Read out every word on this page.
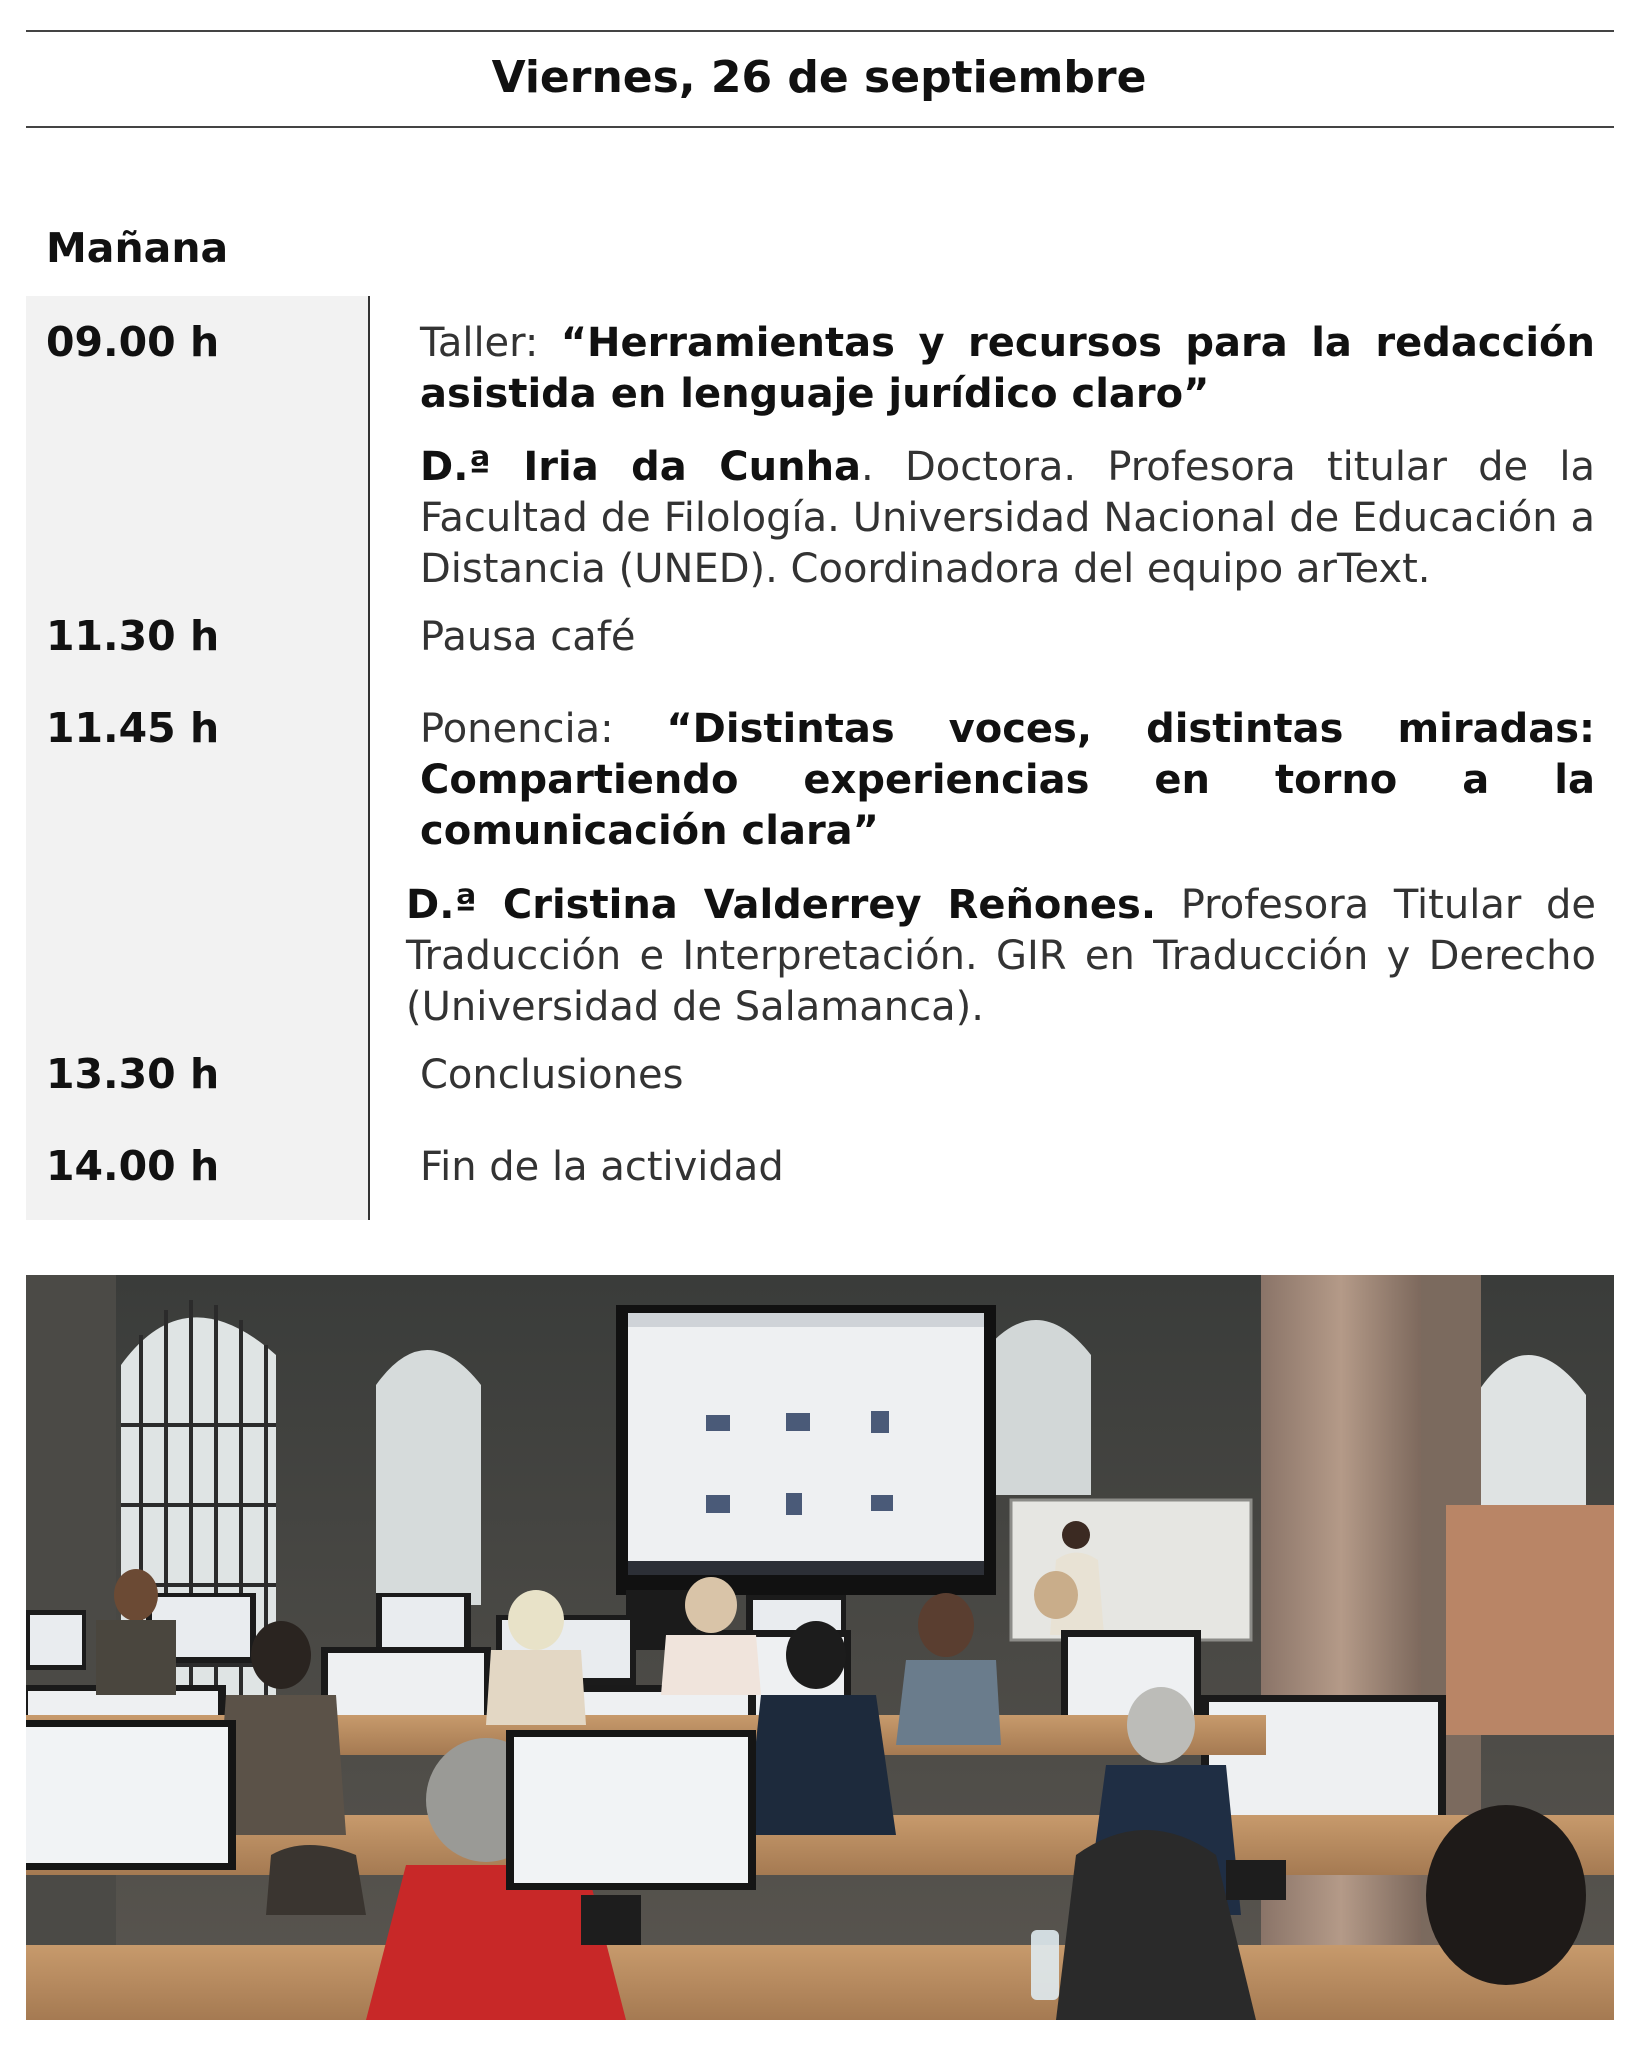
Viernes, 26 de septiembre
Mañana
09.00 h	Taller: “Herramientas y recursos para la redacción
asistida en lenguaje jurídico claro”
D.ª Iria da Cunha. Doctora. Profesora titular de la Facultad de Filología. Universidad Nacional de Educación a Distancia (UNED). Coordinadora del equipo arText.
11.30 h	Pausa café
11.45 h	Ponencia: “Distintas voces, distintas miradas:
Compartiendo experiencias en torno a la
comunicación clara”
D.ª Cristina Valderrey Reñones. Profesora Titular de Traducción e Interpretación. GIR en Traducción y Derecho (Universidad de Salamanca).
13.30 h	Conclusiones
14.00 h	Fin de la actividad
